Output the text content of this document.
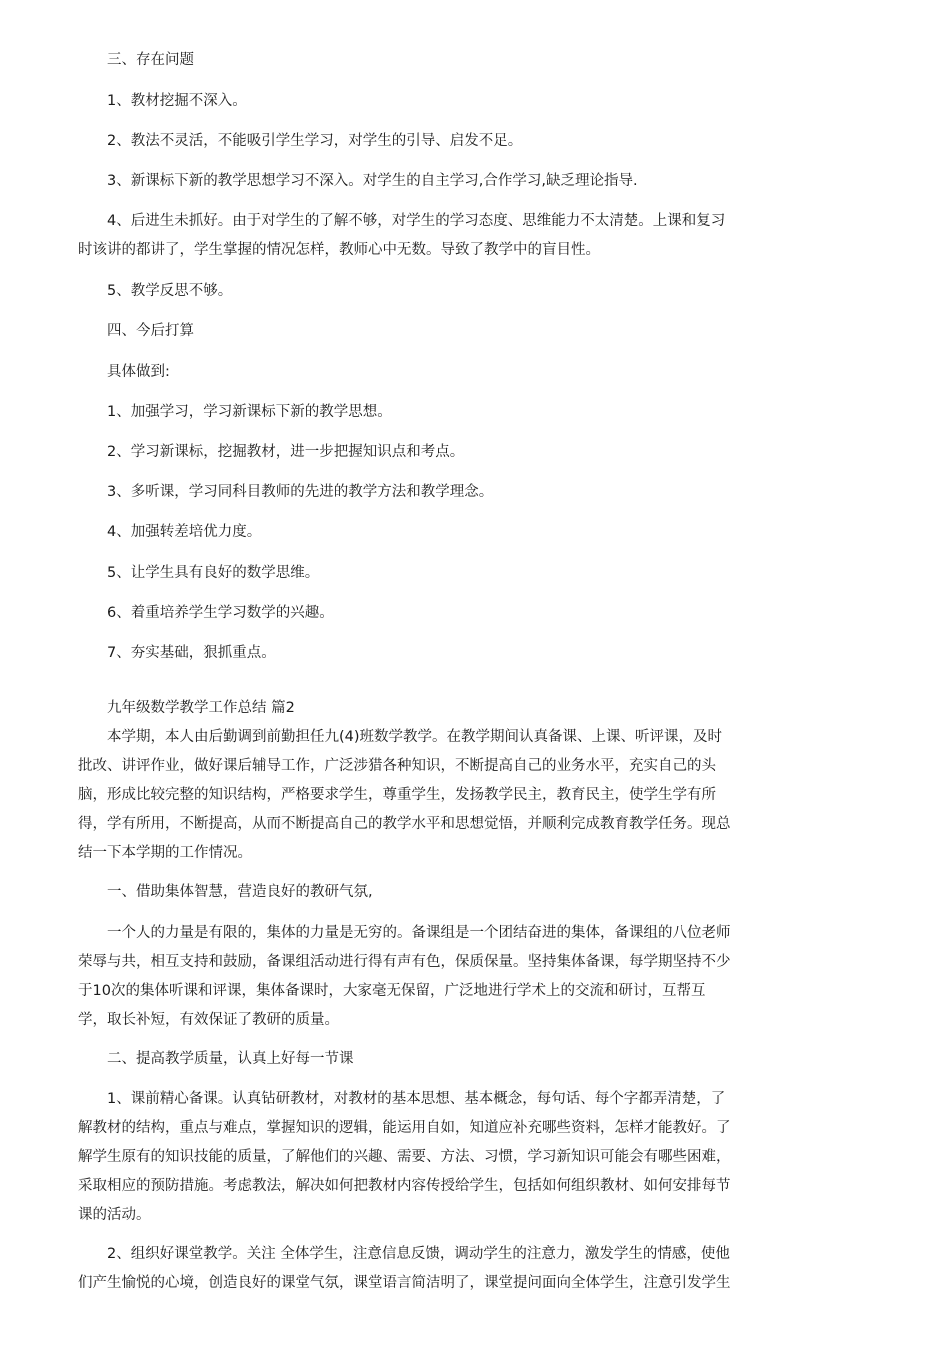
三、存在问题
1、教材挖掘不深入。
2、教法不灵活，不能吸引学生学习，对学生的引导、启发不足。
3、新课标下新的教学思想学习不深入。对学生的自主学习,合作学习,缺乏理论指导.
4、后进生未抓好。由于对学生的了解不够，对学生的学习态度、思维能力不太清楚。上课和复习
时该讲的都讲了，学生掌握的情况怎样，教师心中无数。导致了教学中的盲目性。
5、教学反思不够。
四、今后打算
具体做到:
1、加强学习，学习新课标下新的教学思想。
2、学习新课标，挖掘教材，进一步把握知识点和考点。
3、多听课，学习同科目教师的先进的教学方法和教学理念。
4、加强转差培优力度。
5、让学生具有良好的数学思维。
6、着重培养学生学习数学的兴趣。
7、夯实基础，狠抓重点。
九年级数学教学工作总结 篇2
本学期，本人由后勤调到前勤担任九(4)班数学教学。在教学期间认真备课、上课、听评课，及时
批改、讲评作业，做好课后辅导工作，广泛涉猎各种知识，不断提高自己的业务水平，充实自己的头
脑，形成比较完整的知识结构，严格要求学生，尊重学生，发扬教学民主，教育民主，使学生学有所
得，学有所用，不断提高，从而不断提高自己的教学水平和思想觉悟，并顺利完成教育教学任务。现总
结一下本学期的工作情况。
一、借助集体智慧，营造良好的教研气氛,
一个人的力量是有限的，集体的力量是无穷的。备课组是一个团结奋进的集体，备课组的八位老师
荣辱与共，相互支持和鼓励，备课组活动进行得有声有色，保质保量。坚持集体备课，每学期坚持不少
于10次的集体听课和评课，集体备课时，大家毫无保留，广泛地进行学术上的交流和研讨，互帮互
学，取长补短，有效保证了教研的质量。
二、提高教学质量，认真上好每一节课
1、课前精心备课。认真钻研教材，对教材的基本思想、基本概念，每句话、每个字都弄清楚，了
解教材的结构，重点与难点，掌握知识的逻辑，能运用自如，知道应补充哪些资料，怎样才能教好。了
解学生原有的知识技能的质量，了解他们的兴趣、需要、方法、习惯，学习新知识可能会有哪些困难，
采取相应的预防措施。考虑教法，解决如何把教材内容传授给学生，包括如何组织教材、如何安排每节
课的活动。
2、组织好课堂教学。关注 全体学生，注意信息反馈，调动学生的注意力，激发学生的情感，使他
们产生愉悦的心境，创造良好的课堂气氛，课堂语言简洁明了，课堂提问面向全体学生，注意引发学生
